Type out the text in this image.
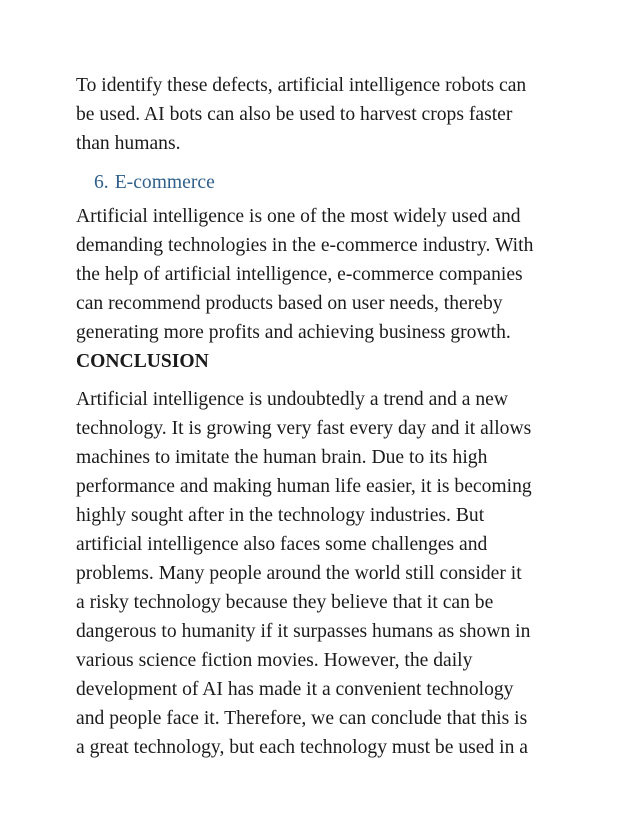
To identify these defects, artificial intelligence robots can
be used. AI bots can also be used to harvest crops faster
than humans.
6. E-commerce
Artificial intelligence is one of the most widely used and
demanding technologies in the e-commerce industry. With
the help of artificial intelligence, e-commerce companies
can recommend products based on user needs, thereby
generating more profits and achieving business growth.
CONCLUSION
Artificial intelligence is undoubtedly a trend and a new
technology. It is growing very fast every day and it allows
machines to imitate the human brain. Due to its high
performance and making human life easier, it is becoming
highly sought after in the technology industries. But
artificial intelligence also faces some challenges and
problems. Many people around the world still consider it
a risky technology because they believe that it can be
dangerous to humanity if it surpasses humans as shown in
various science fiction movies. However, the daily
development of AI has made it a convenient technology
and people face it. Therefore, we can conclude that this is
a great technology, but each technology must be used in a
